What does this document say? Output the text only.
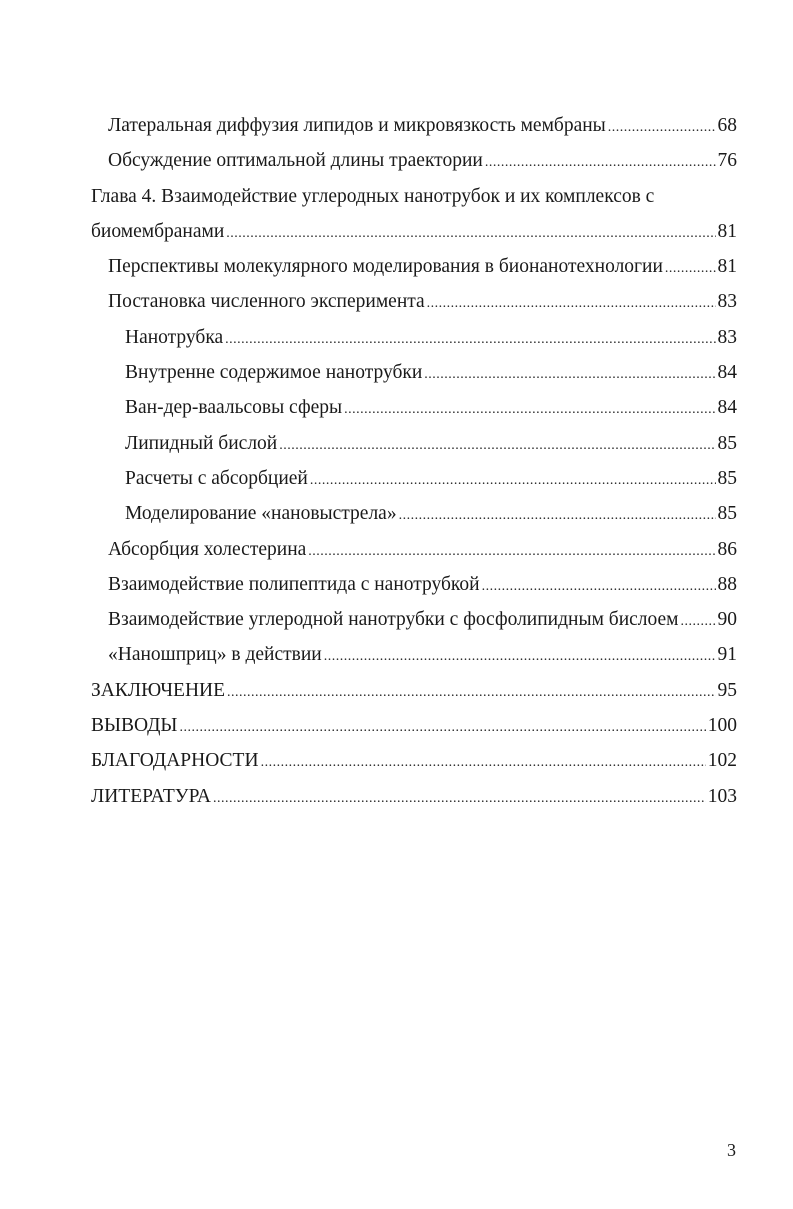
Латеральная диффузия липидов и микровязкость мембраны .....	68
Обсуждение оптимальной длины траектории .....	76
Глава 4. Взаимодействие углеродных нанотрубок и их комплексов с
биомембранами .....	81
Перспективы молекулярного моделирования в бионанотехнологии .....	81
Постановка численного эксперимента .....	83
Нанотрубка .....	83
Внутренне содержимое нанотрубки .....	84
Ван-дер-ваальсовы сферы .....	84
Липидный бислой .....	85
Расчеты с абсорбцией .....	85
Моделирование «нановыстрела» .....	85
Абсорбция холестерина .....	86
Взаимодействие полипептида с нанотрубкой .....	88
Взаимодействие углеродной нанотрубки с фосфолипидным бислоем ..... 90
«Наношприц» в действии .....	91
ЗАКЛЮЧЕНИЕ .....	95
ВЫВОДЫ .....	100
БЛАГОДАРНОСТИ .....	102
ЛИТЕРАТУРА .....	103
3
